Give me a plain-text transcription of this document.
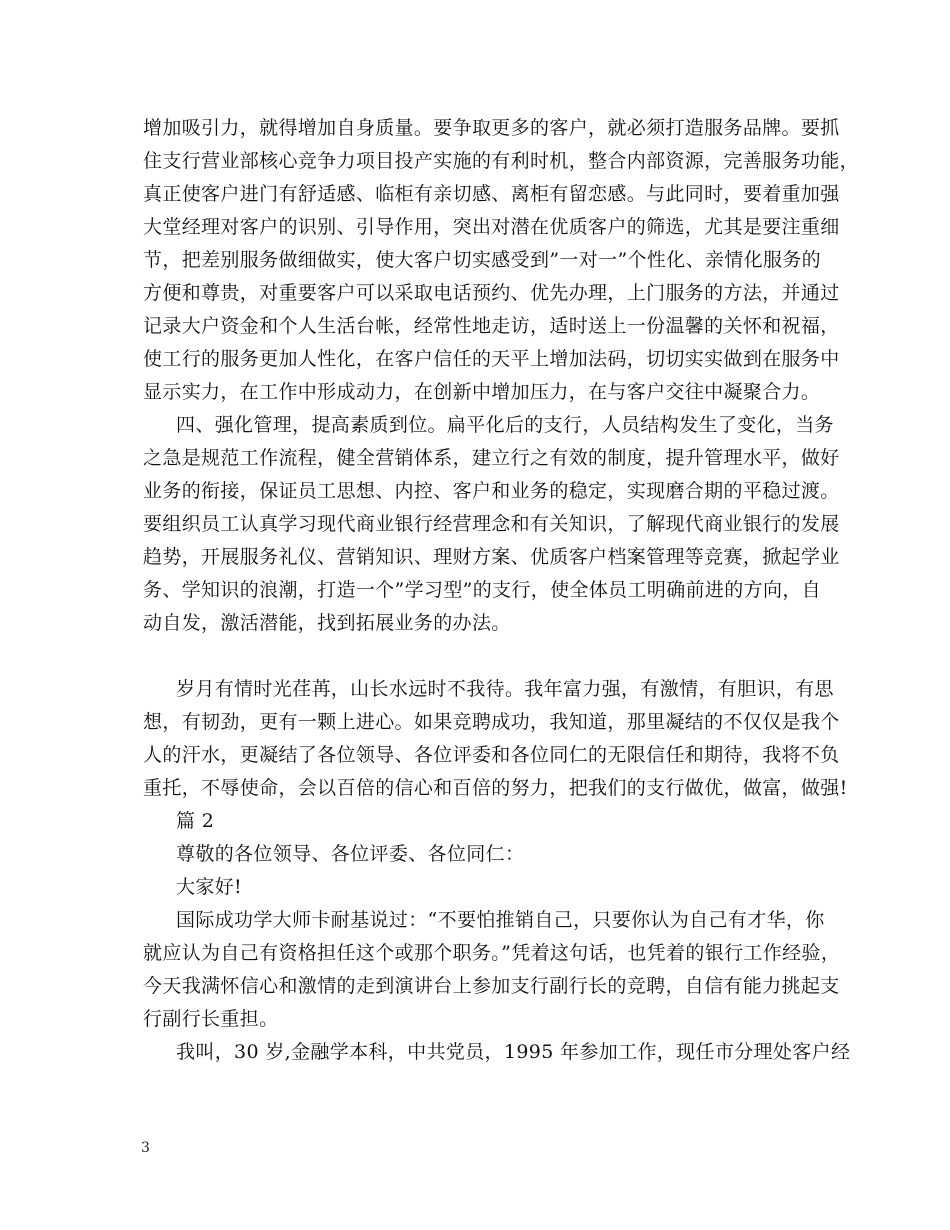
增加吸引力，就得增加自身质量。要争取更多的客户，就必须打造服务品牌。要抓
住支行营业部核心竞争力项目投产实施的有利时机，整合内部资源，完善服务功能，
真正使客户进门有舒适感、临柜有亲切感、离柜有留恋感。与此同时，要着重加强
大堂经理对客户的识别、引导作用，突出对潜在优质客户的筛选，尤其是要注重细
节，把差别服务做细做实，使大客户切实感受到”一对一”个性化、亲情化服务的
方便和尊贵，对重要客户可以采取电话预约、优先办理，上门服务的方法，并通过
记录大户资金和个人生活台帐，经常性地走访，适时送上一份温馨的关怀和祝福，
使工行的服务更加人性化，在客户信任的天平上增加法码，切切实实做到在服务中
显示实力，在工作中形成动力，在创新中增加压力，在与客户交往中凝聚合力。
四、强化管理，提高素质到位。扁平化后的支行，人员结构发生了变化，当务
之急是规范工作流程，健全营销体系，建立行之有效的制度，提升管理水平，做好
业务的衔接，保证员工思想、内控、客户和业务的稳定，实现磨合期的平稳过渡。
要组织员工认真学习现代商业银行经营理念和有关知识，了解现代商业银行的发展
趋势，开展服务礼仪、营销知识、理财方案、优质客户档案管理等竞赛，掀起学业
务、学知识的浪潮，打造一个”学习型”的支行，使全体员工明确前进的方向，自
动自发，激活潜能，找到拓展业务的办法。
岁月有情时光荏苒，山长水远时不我待。我年富力强，有激情，有胆识，有思
想，有韧劲，更有一颗上进心。如果竞聘成功，我知道，那里凝结的不仅仅是我个
人的汗水，更凝结了各位领导、各位评委和各位同仁的无限信任和期待，我将不负
重托，不辱使命，会以百倍的信心和百倍的努力，把我们的支行做优，做富，做强!
篇 2
尊敬的各位领导、各位评委、各位同仁：
大家好!
国际成功学大师卡耐基说过：“不要怕推销自己，只要你认为自己有才华，你
就应认为自己有资格担任这个或那个职务。”凭着这句话，也凭着的银行工作经验，
今天我满怀信心和激情的走到演讲台上参加支行副行长的竞聘，自信有能力挑起支
行副行长重担。
我叫，30 岁,金融学本科，中共党员，1995 年参加工作，现任市分理处客户经
3
